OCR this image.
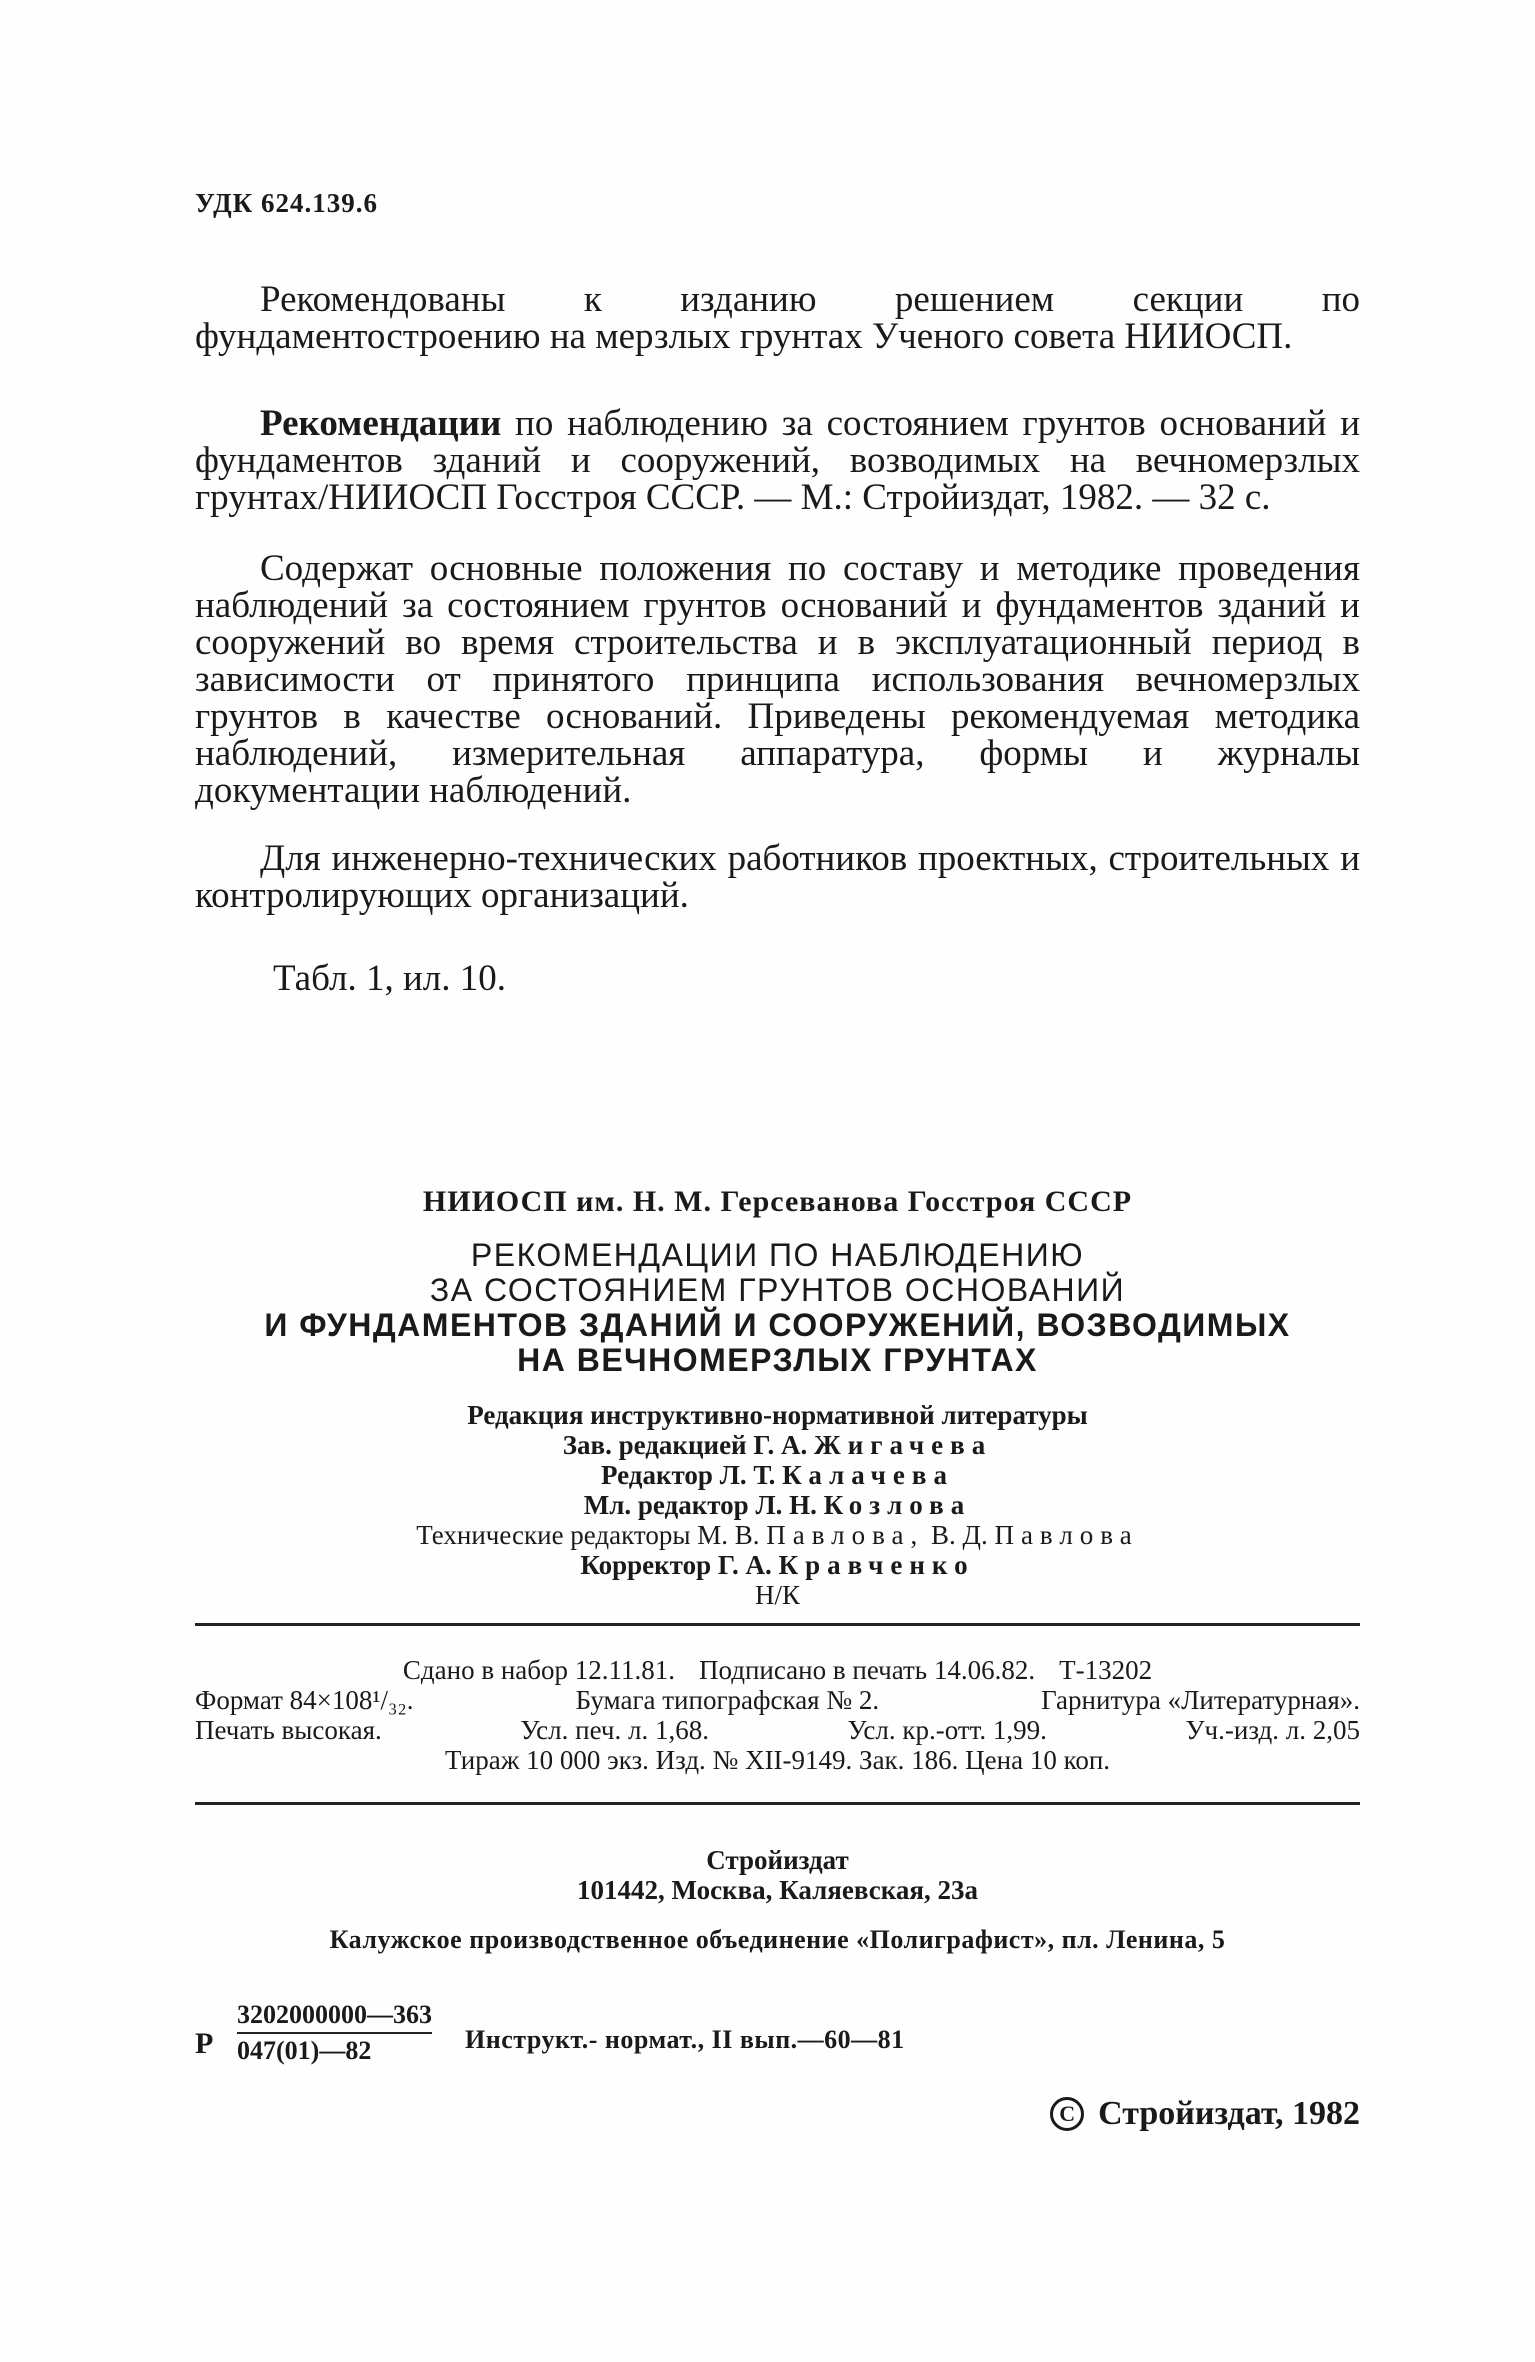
УДК 624.139.6
Рекомендованы к изданию решением секции по фундаментостроению на мерзлых грунтах Ученого совета НИИОСП.
Рекомендации по наблюдению за состоянием грунтов оснований и фундаментов зданий и сооружений, возводимых на вечномерзлых грунтах/НИИОСП Госстроя СССР. — М.: Стройиздат, 1982. — 32 с.
Содержат основные положения по составу и методике проведения наблюдений за состоянием грунтов оснований и фундаментов зданий и сооружений во время строительства и в эксплуатационный период в зависимости от принятого принципа использования вечномерзлых грунтов в качестве оснований. Приведены рекомендуемая методика наблюдений, измерительная аппаратура, формы и журналы документации наблюдений.
Для инженерно-технических работников проектных, строительных и контролирующих организаций.
Табл. 1, ил. 10.
НИИОСП им. Н. М. Герсеванова Госстроя СССР
РЕКОМЕНДАЦИИ ПО НАБЛЮДЕНИЮ
ЗА СОСТОЯНИЕМ ГРУНТОВ ОСНОВАНИЙ
И ФУНДАМЕНТОВ ЗДАНИЙ И СООРУЖЕНИЙ, ВОЗВОДИМЫХ
НА ВЕЧНОМЕРЗЛЫХ ГРУНТАХ
Редакция инструктивно-нормативной литературы
Зав. редакцией Г. А. Жигачева
Редактор Л. Т. Калачева
Мл. редактор Л. Н. Козлова
Технические редакторы М. В. Павлова, В. Д. Павлова
Корректор Г. А. Кравченко
Н/К
Сдано в набор 12.11.81. Подписано в печать 14.06.82. Т-13202
Формат 84×108¹/₃₂.	Бумага типографская № 2.	Гарнитура «Литературная».
Печать высокая.	Усл. печ. л. 1,68.	Усл. кр.-отт. 1,99.	Уч.-изд. л. 2,05
Тираж 10 000 экз. Изд. № XII-9149. Зак. 186. Цена 10 коп.
Стройиздат
101442, Москва, Каляевская, 23а
Калужское производственное объединение «Полиграфист», пл. Ленина, 5
Р $\frac{3202000000—363}{047(01)—82}$ Инструкт.- нормат., II вып.—60—81
C Стройиздат, 1982
